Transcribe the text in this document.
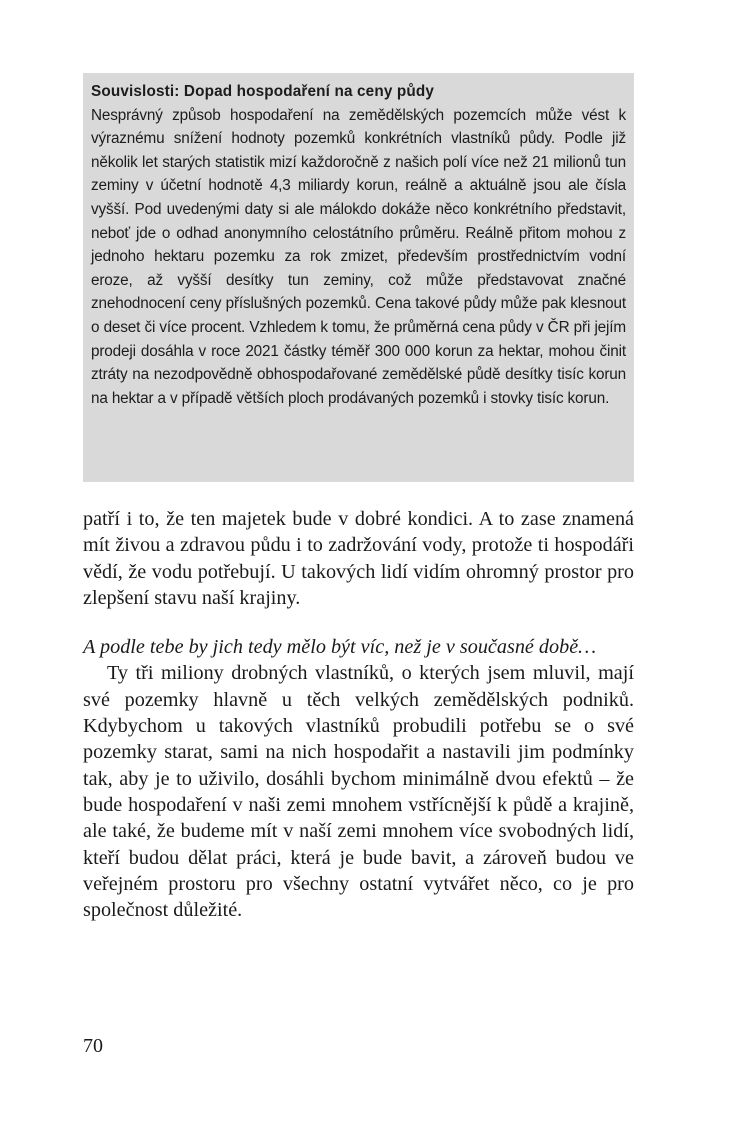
Souvislosti: Dopad hospodaření na ceny půdy
Nesprávný způsob hospodaření na zemědělských pozemcích může vést k výraznému snížení hodnoty pozemků konkrétních vlastníků půdy. Podle již několik let starých statistik mizí každoročně z našich polí více než 21 milionů tun zeminy v účetní hodnotě 4,3 miliardy korun, reálně a aktuálně jsou ale čísla vyšší. Pod uvedenými daty si ale málokdo dokáže něco konkrétního představit, neboť jde o odhad anonymního celostátního průměru. Reálně přitom mohou z jednoho hektaru pozemku za rok zmizet, především prostřednictvím vodní eroze, až vyšší desítky tun zeminy, což může představovat značné znehodnocení ceny příslušných pozemků. Cena takové půdy může pak klesnout o deset či více procent. Vzhledem k tomu, že průměrná cena půdy v ČR při jejím prodeji dosáhla v roce 2021 částky téměř 300 000 korun za hektar, mohou činit ztráty na nezodpovědně obhospodařované zemědělské půdě desítky tisíc korun na hektar a v případě větších ploch prodávaných pozemků i stovky tisíc korun.

patří i to, že ten majetek bude v dobré kondici. A to zase znamená mít živou a zdravou půdu i to zadržování vody, protože ti hospodáři vědí, že vodu potřebují. U takových lidí vidím ohromný prostor pro zlepšení stavu naší krajiny.

A podle tebe by jich tedy mělo být víc, než je v současné době…

Ty tři miliony drobných vlastníků, o kterých jsem mluvil, mají své pozemky hlavně u těch velkých zemědělských podniků. Kdybychom u takových vlastníků probudili potřebu se o své pozemky starat, sami na nich hospodařit a nastavili jim podmínky tak, aby je to uživilo, dosáhli bychom minimálně dvou efektů – že bude hospodaření v naši zemi mnohem vstřícnější k půdě a krajině, ale také, že budeme mít v naší zemi mnohem více svobodných lidí, kteří budou dělat práci, která je bude bavit, a zároveň budou ve veřejném prostoru pro všechny ostatní vytvářet něco, co je pro společnost důležité.

70
